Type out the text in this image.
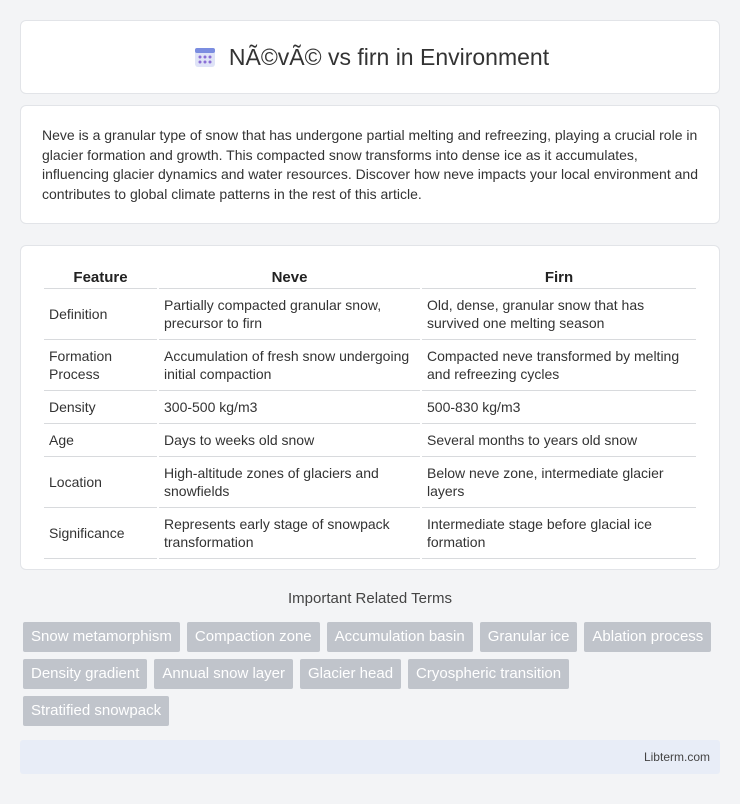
NÃ©vÃ© vs firn in Environment

Neve is a granular type of snow that has undergone partial melting and refreezing, playing a crucial role in glacier formation and growth. This compacted snow transforms into dense ice as it accumulates, influencing glacier dynamics and water resources. Discover how neve impacts your local environment and contributes to global climate patterns in the rest of this article.

Feature	Neve	Firn
Definition	Partially compacted granular snow, precursor to firn	Old, dense, granular snow that has survived one melting season
Formation Process	Accumulation of fresh snow undergoing initial compaction	Compacted neve transformed by melting and refreezing cycles
Density	300-500 kg/m3	500-830 kg/m3
Age	Days to weeks old snow	Several months to years old snow
Location	High-altitude zones of glaciers and snowfields	Below neve zone, intermediate glacier layers
Significance	Represents early stage of snowpack transformation	Intermediate stage before glacial ice formation
Important Related Terms
Snow metamorphism	Compaction zone	Accumulation basin	Granular ice	Ablation process
Density gradient	Annual snow layer	Glacier head	Cryospheric transition
Stratified snowpack
Libterm.com
